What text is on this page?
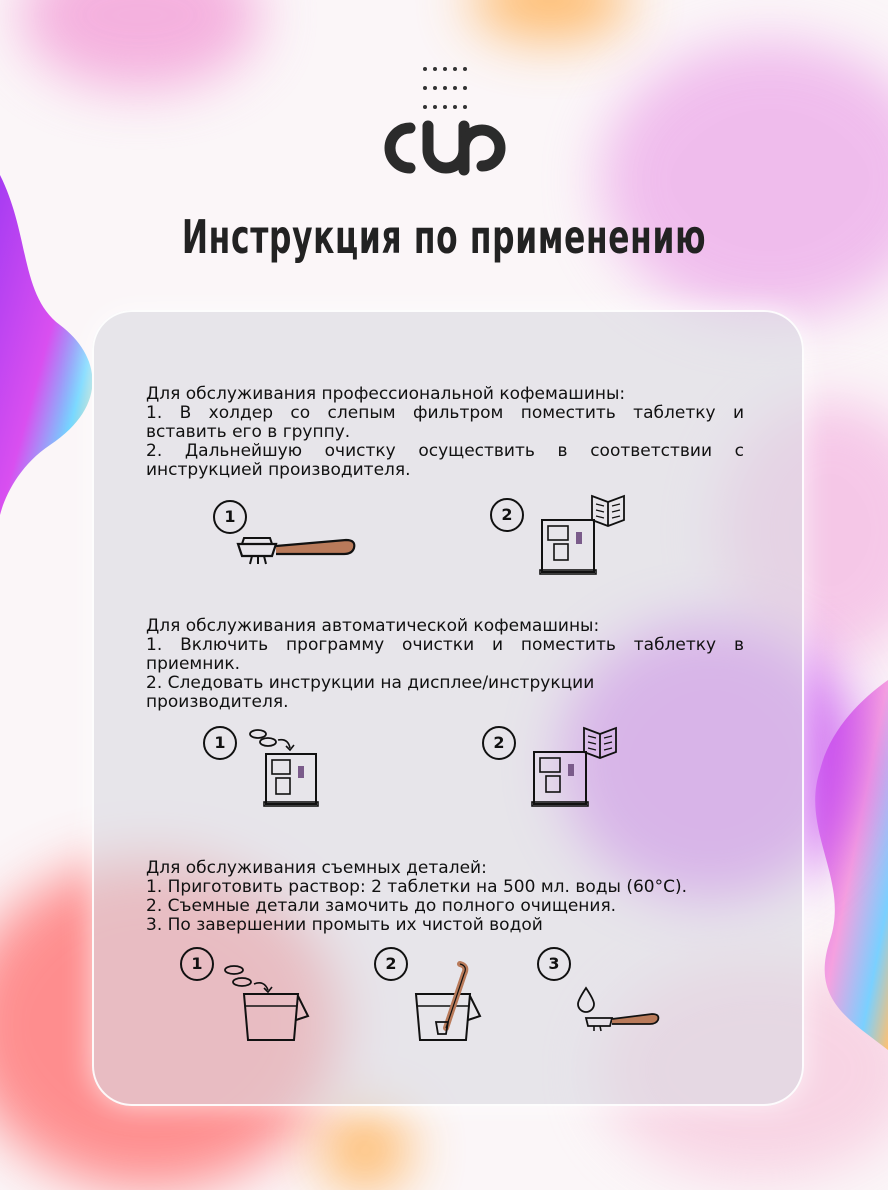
Инструкция по применению
Для обслуживания профессиональной кофемашины:
1. В холдер со слепым фильтром поместить таблетку и
вставить его в группу.
2. Дальнейшую очистку осуществить в соответствии с
инструкцией производителя.
1	2
Для обслуживания автоматической кофемашины:
1. Включить программу очистки и поместить таблетку в
приемник.
2. Следовать инструкции на дисплее/инструкции
производителя.
1	2
Для обслуживания съемных деталей:
1. Приготовить раствор: 2 таблетки на 500 мл. воды (60°С).
2. Съемные детали замочить до полного очищения.
3. По завершении промыть их чистой водой
1	2	3
